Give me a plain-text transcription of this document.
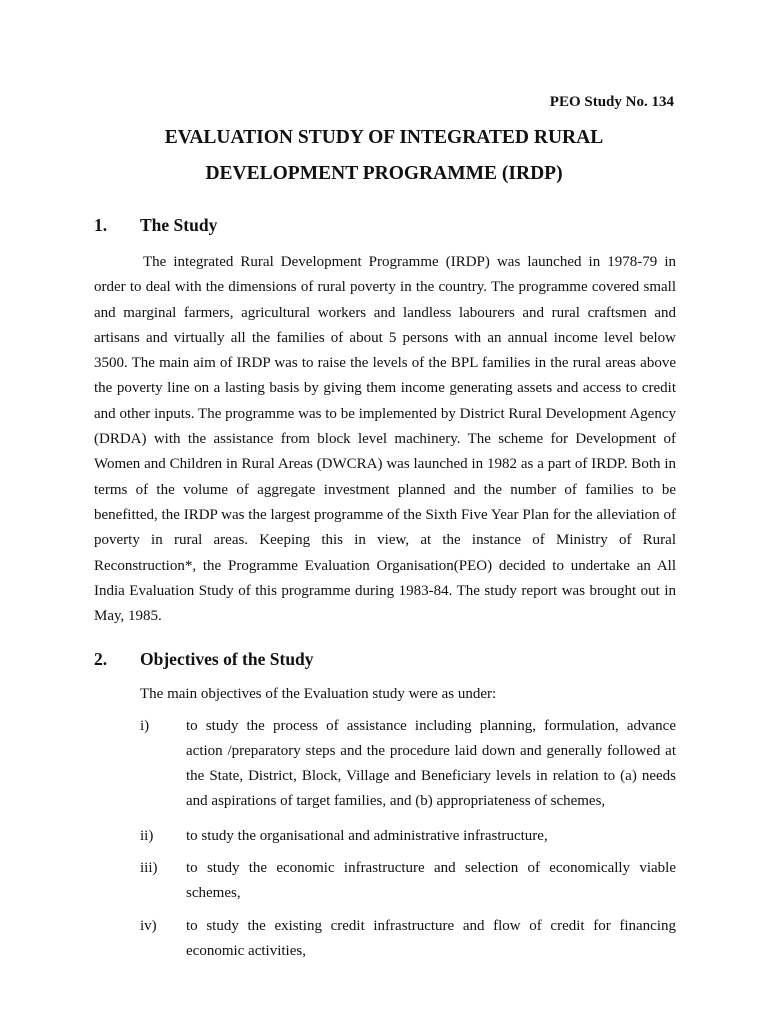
PEO Study No. 134
EVALUATION STUDY OF INTEGRATED RURAL
DEVELOPMENT PROGRAMME (IRDP)
1. The Study

The integrated Rural Development Programme (IRDP) was launched in 1978-79 in order to deal with the dimensions of rural poverty in the country. The programme covered small and marginal farmers, agricultural workers and landless labourers and rural craftsmen and artisans and virtually all the families of about 5 persons with an annual income level below 3500. The main aim of IRDP was to raise the levels of the BPL families in the rural areas above the poverty line on a lasting basis by giving them income generating assets and access to credit and other inputs. The programme was to be implemented by District Rural Development Agency (DRDA) with the assistance from block level machinery. The scheme for Development of Women and Children in Rural Areas (DWCRA) was launched in 1982 as a part of IRDP. Both in terms of the volume of aggregate investment planned and the number of families to be benefitted, the IRDP was the largest programme of the Sixth Five Year Plan for the alleviation of poverty in rural areas. Keeping this in view, at the instance of Ministry of Rural Reconstruction*, the Programme Evaluation Organisation(PEO) decided to undertake an All India Evaluation Study of this programme during 1983-84. The study report was brought out in May, 1985.

2. Objectives of the Study
The main objectives of the Evaluation study were as under:
i) to study the process of assistance including planning, formulation, advance action /preparatory steps and the procedure laid down and generally followed at the State, District, Block, Village and Beneficiary levels in relation to (a) needs and aspirations of target families, and (b) appropriateness of schemes,
ii) to study the organisational and administrative infrastructure,
iii) to study the economic infrastructure and selection of economically viable schemes,
iv) to study the existing credit infrastructure and flow of credit for financing economic activities,
